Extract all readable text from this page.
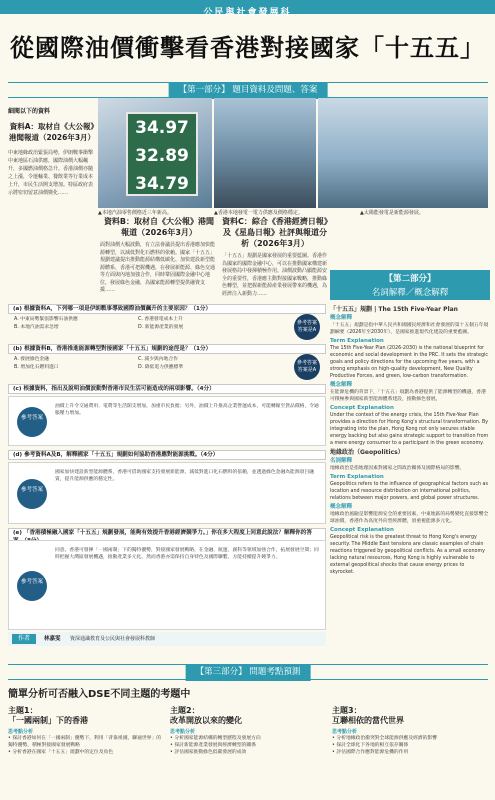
公民與社會發展科
從國際油價衝擊看香港對接國家「十五五」
【第一部分】 題目資料及問題、答案
細閱以下的資料
資料A：取材自《大公報》港聞報道（2026年3月）
中東地緣政治緊張局勢，伊朗戰事衝擊中東地區石油供應，國際油價大幅飆升，多國燃油價格急升。香港油價亦隨之上漲，令運輸業、餐飲業等行業成本上升，市民生活開支增加。特區政府表示將密切留意油價變化……
34.97
32.89
34.79
▲本地汽油零售價格近三年新高。	▲香港本地發電一電力供應及價格穩定。	▲太陽能發電是新能源發展。
資料B：取材自《大公報》港聞報道（2026年3月）
面對油價大幅波動，有立法會議員提出香港應加快能源轉型，以減低對化石燃料的依賴。國家「十五五」規劃建議提出推動能源結構低碳化、加快建設新型能源體系，香港可把握機遇，在發展新能源、綠色交通等方面與內地加強合作，同時鞏固國際金融中心地位，發展綠色金融，為國家能源轉型提供融資支援……
資料C：綜合《香港經濟日報》及《星島日報》社評與報道分析（2026年3月）
「十五五」規劃是國家發展的重要藍圖。香港作為國家的國際金融中心，可以在推動國家構建新發展格局中發揮積極作用。油價波動凸顯能源安全的重要性，香港應主動對接國家戰略，推動綠色轉型，並把握新能源產業發展帶來的機遇，為經濟注入新動力……
【第二部分】
名詞解釋／概念解釋
「十五五」規劃 | The 15th Five-Year Plan
概念解釋
「十五五」規劃是指中華人民共和國國民經濟和社會發展的第十五個五年規劃綱要（2026年至2030年），是國家推進現代化建設的重要藍圖。
Term Explanation
The 15th Five-Year Plan (2026-2030) is the national blueprint for economic and social development in the PRC. It sets the strategic goals and policy directions for the upcoming five years, with a strong emphasis on high-quality development, New Quality Productive Forces, and green, low-carbon transformation.
概念解釋
在能源危機的背景下，「十五五」規劃為香港提供了能源轉型的機遇，香港可積極參與國家新型能源體系建設，推動綠色發展。
Concept Explanation
Under the context of the energy crisis, the 15th Five-Year Plan provides a direction for Hong Kong's structural transformation. By integrating into the plan, Hong Kong not only secures stable energy backing but also gains strategic support to transition from a mere energy consumer to a participant in the green economy.
地緣政治（Geopolitics）
名詞解釋
地緣政治是指地理因素對國家之間政治關係及國際格局的影響。
Term Explanation
Geopolitics refers to the influence of geographical factors such as location and resource distribution on international politics, relations between major powers, and global power structures.
概念解釋
地緣政治風險是影響能源安全的重要因素，中東地區的局勢變化直接影響全球油價，香港作為高度外向型經濟體，須重視能源多元化。
Concept Explanation
Geopolitical risk is the greatest threat to Hong Kong's energy security. The Middle East tensions are classic examples of chain reactions triggered by geopolitical conflicts. As a small economy lacking natural resources, Hong Kong is highly vulnerable to external geopolitical shocks that cause energy prices to skyrocket.
(a) 根據資料A，下列哪一項是伊朗戰事導致國際油價飆升的主要原因？（1分）
A. 中東局勢緊張影響石油供應	C. 香港發電成本上升
B. 本地汽油需求急增	D. 新能源產業的發展
參考答案
答案是A
(b) 根據資料B，香港推進能源轉型對接國家「十五五」規劃的途徑是？（1分）
A. 發展綠色金融	C. 減少與內地合作
B. 增加化石燃料進口	D. 降低電力供應標準
參考答案
答案是A
(c) 根據資料，指出及說明油價波動對香港市民生活可能造成的兩項影響。（4分）
參考答案
油價上升令交通費用、電費等生活開支增加，加重市民負擔；另外，油價上升推高企業營運成本，可能轉嫁至貨品價格，令通脹壓力增加。
(d) 參考資料A及B，解釋國家「十五五」規劃如何協助香港應對能源挑戰。（4分）
參考答案
國家加快建設新型能源體系，香港可借助國家支持發展新能源，減低對進口化石燃料的依賴，並透過綠色金融為能源項目融資，提升能源供應的穩定性。
(e) 「香港積極融入國家「十五五」規劃發展，能夠有效提升香港經濟競爭力。」你在多大程度上同意此說法？解釋你的答
參考答案
同意。香港可發揮「一國兩制」下的獨特優勢，對接國家發展戰略，在金融、航運、創科等領域加強合作，拓展發展空間；同時把握大灣區發展機遇，推動產業多元化。然而香港亦需保持自身特色及國際聯繫，方能持續提升競爭力。
作者	林嘉雯 資深通識教育及公民與社會發展科教師
【第三部分】 問題考點預測
簡單分析可否融入DSE不同主題的考題中
主題1：
「一國兩制」下的香港
思考點分析
• 探討香港如何在「一國兩制」優勢下，利用「背靠祖國，聯通世界」的獨特優勢，積極對接國家發展戰略
• 分析香港在國家「十五五」規劃中的定位及角色
主題2：
改革開放以來的變化
思考點分析
• 分析國家能源結構的轉型歷程及發展方向
• 探討新能源產業發展與經濟轉型的關係
• 評估國家推動綠色低碳發展的成效
主題3：
互聯相依的當代世界
思考點分析
• 分析地緣政治衝突對全球能源供應及經濟的影響
• 探討全球化下各地的相互依存關係
• 評估國際合作應對能源危機的作用
